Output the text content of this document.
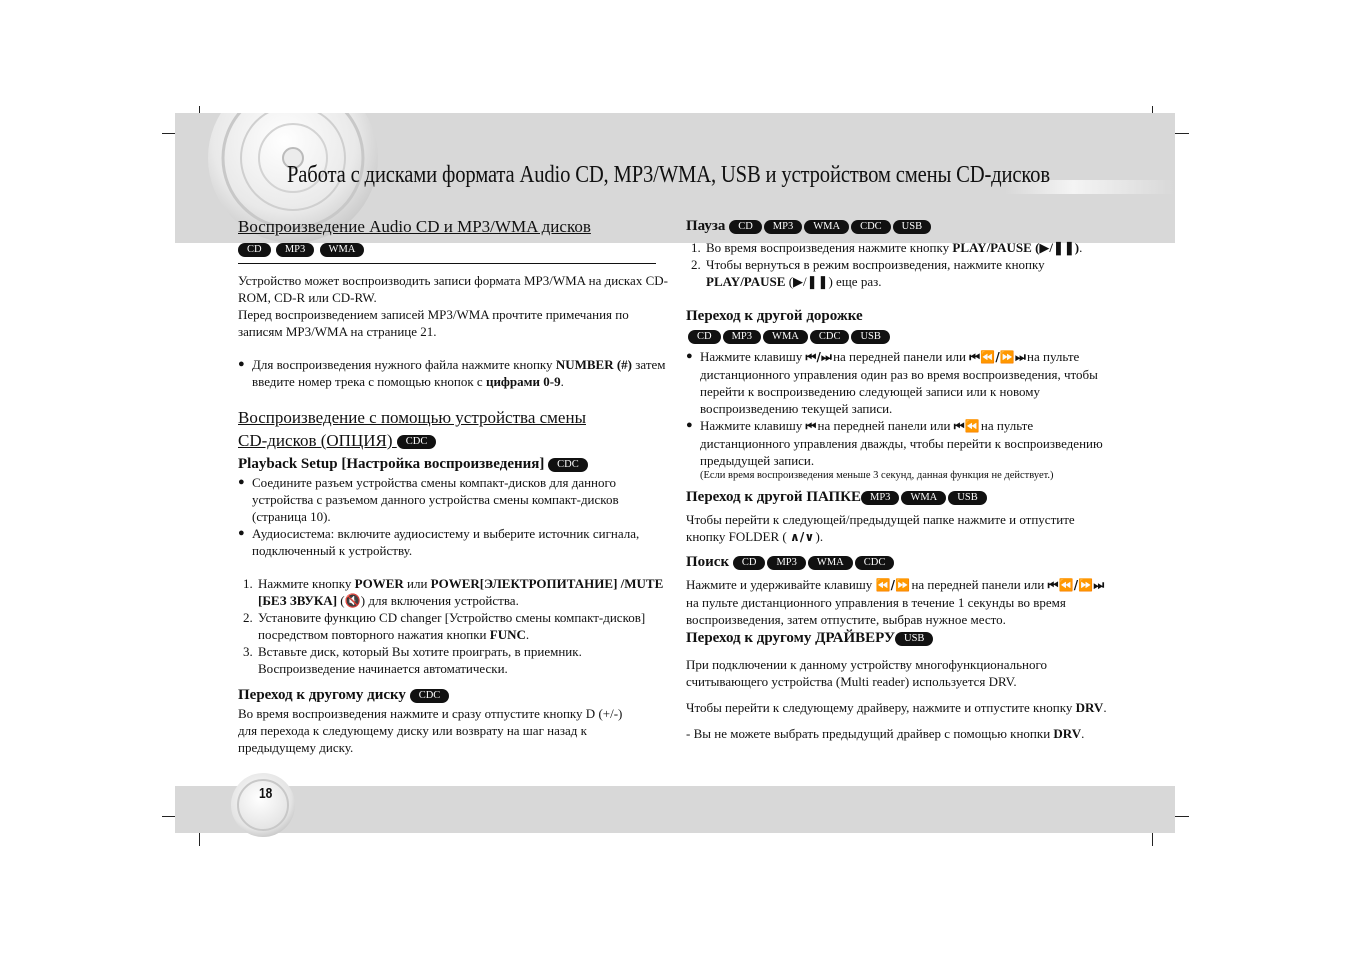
Работа с дисками формата Audio CD, MP3/WMA, USB и устройством смены CD-дисков
18

Воспроизведение Audio CD и MP3/WMA дисков

CD MP3 WMA

Устройство может воспроизводить записи формата MP3/WMA на дисках CD-ROM, CD-R или CD-RW.

Перед воспроизведением записей MP3/WMA прочтите примечания по записям MP3/WMA на странице 21.

● Для воспроизведения нужного файла нажмите кнопку NUMBER (#) затем введите номер трека с помощью кнопок с цифрами 0-9.

Воспроизведение с помощью устройства смены

CD-дисков (ОПЦИЯ) CDC

Playback Setup [Настройка воспроизведения] CDC

● Соедините разъем устройства смены компакт-дисков для данного устройства с разъемом данного устройства смены компакт-дисков (страница 10).
● Аудиосистема: включите аудиосистему и выберите источник сигнала, подключенный к устройству.
1. Нажмите кнопку POWER или POWER[ЭЛЕКТРОПИТАНИЕ] /MUTE [БЕЗ ЗВУКА] (🔇) для включения устройства.
2. Установите функцию CD changer [Устройство смены компакт-дисков] посредством повторного нажатия кнопки FUNC.
3. Вставьте диск, который Вы хотите проиграть, в приемник. Воспроизведение начинается автоматически.

Переход к другому диску CDC

Во время воспроизведения нажмите и сразу отпустите кнопку D (+/-) для перехода к следующему диску или возврату на шаг назад к предыдущему диску.

Пауза CD MP3 WMA CDC USB

1. Во время воспроизведения нажмите кнопку PLAY/PAUSE (▶/❚❚).
2. Чтобы вернуться в режим воспроизведения, нажмите кнопку PLAY/PAUSE (▶/❚❚) еще раз.

Переход к другой дорожке

CD MP3 WMA CDC USB
● Нажмите клавишу ⏮ / ⏭ на передней панели или ⏮ ⏪ / ⏩ ⏭ на пульте дистанционного управления один раз во время воспроизведения, чтобы перейти к воспроизведению следующей записи или к новому воспроизведению текущей записи.
● Нажмите клавишу ⏮ на передней панели или ⏮ ⏪ на пульте дистанционного управления дважды, чтобы перейти к воспроизведению предыдущей записи.

(Если время воспроизведения меньше 3 секунд, данная функция не действует.)

Переход к другой ПАПКЕ MP3 WMA USB

Чтобы перейти к следующей/предыдущей папке нажмите и отпустите кнопку FOLDER ( ∧ / ∨ ).

Поиск CD MP3 WMA CDC

Нажмите и удерживайте клавишу ⏪ / ⏩ на передней панели или ⏮ ⏪ / ⏩ ⏭ на пульте дистанционного управления в течение 1 секунды во время воспроизведения, затем отпустите, выбрав нужное место.

Переход к другому ДРАЙВЕРУ USB

При подключении к данному устройству многофункционального считывающего устройства (Multi reader) используется DRV.

Чтобы перейти к следующему драйверу, нажмите и отпустите кнопку DRV.

- Вы не можете выбрать предыдущий драйвер с помощью кнопки DRV.
